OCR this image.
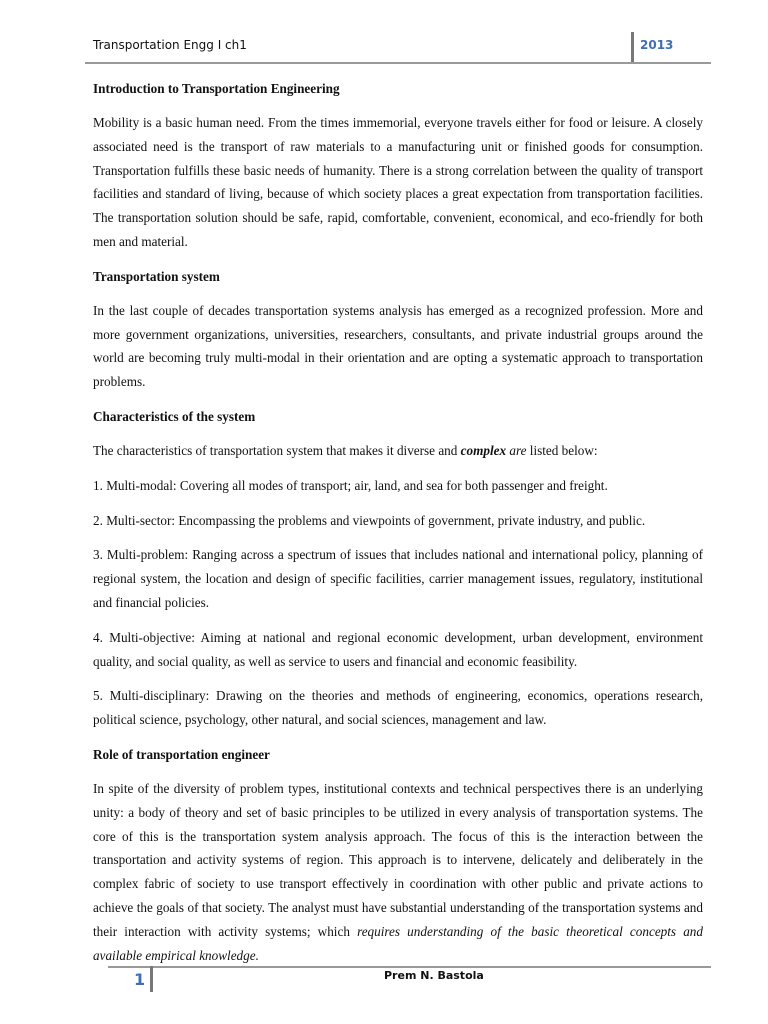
Transportation Engg I ch1	2013
Introduction to Transportation Engineering

Mobility is a basic human need. From the times immemorial, everyone travels either for food or leisure. A closely associated need is the transport of raw materials to a manufacturing unit or finished goods for consumption. Transportation fulfills these basic needs of humanity. There is a strong correlation between the quality of transport facilities and standard of living, because of which society places a great expectation from transportation facilities. The transportation solution should be safe, rapid, comfortable, convenient, economical, and eco-friendly for both men and material.

Transportation system

In the last couple of decades transportation systems analysis has emerged as a recognized profession. More and more government organizations, universities, researchers, consultants, and private industrial groups around the world are becoming truly multi-modal in their orientation and are opting a systematic approach to transportation problems.

Characteristics of the system

The characteristics of transportation system that makes it diverse and complex are listed below:

1. Multi-modal: Covering all modes of transport; air, land, and sea for both passenger and freight.

2. Multi-sector: Encompassing the problems and viewpoints of government, private industry, and public.

3. Multi-problem: Ranging across a spectrum of issues that includes national and international policy, planning of regional system, the location and design of specific facilities, carrier management issues, regulatory, institutional and financial policies.

4. Multi-objective: Aiming at national and regional economic development, urban development, environment quality, and social quality, as well as service to users and financial and economic feasibility.

5. Multi-disciplinary: Drawing on the theories and methods of engineering, economics, operations research, political science, psychology, other natural, and social sciences, management and law.

Role of transportation engineer

In spite of the diversity of problem types, institutional contexts and technical perspectives there is an underlying unity: a body of theory and set of basic principles to be utilized in every analysis of transportation systems. The core of this is the transportation system analysis approach. The focus of this is the interaction between the transportation and activity systems of region. This approach is to intervene, delicately and deliberately in the complex fabric of society to use transport effectively in coordination with other public and private actions to achieve the goals of that society. The analyst must have substantial understanding of the transportation systems and their interaction with activity systems; which requires understanding of the basic theoretical concepts and available empirical knowledge.

1	Prem N. Bastola
